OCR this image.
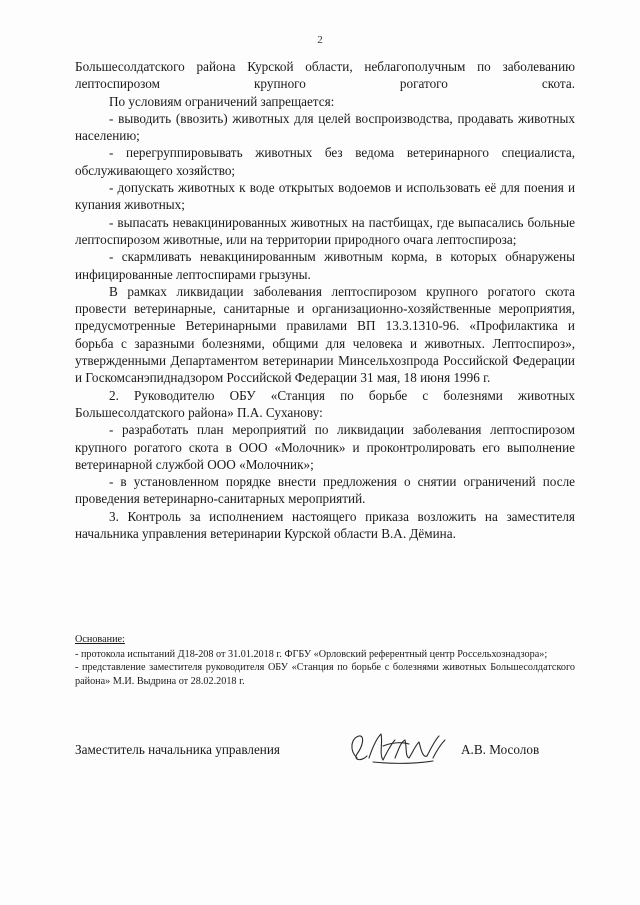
2

Большесолдатского района Курской области, неблагополучным по заболеванию лептоспирозом крупного рогатого скота.

По условиям ограничений запрещается:

- выводить (ввозить) животных для целей воспроизводства, продавать животных населению;

- перегруппировывать животных без ведома ветеринарного специалиста, обслуживающего хозяйство;

- допускать животных к воде открытых водоемов и использовать её для поения и купания животных;

- выпасать невакцинированных животных на пастбищах, где выпасались больные лептоспирозом животные, или на территории природного очага лептоспироза;

- скармливать невакцинированным животным корма, в которых обнаружены инфицированные лептоспирами грызуны.

В рамках ликвидации заболевания лептоспирозом крупного рогатого скота провести ветеринарные, санитарные и организационно-хозяйственные мероприятия, предусмотренные Ветеринарными правилами ВП 13.3.1310-96. «Профилактика и борьба с заразными болезнями, общими для человека и животных. Лептоспироз», утвержденными Департаментом ветеринарии Минсельхозпрода Российской Федерации и Госкомсанэпиднадзором Российской Федерации 31 мая, 18 июня 1996 г.

2. Руководителю ОБУ «Станция по борьбе с болезнями животных Большесолдатского района» П.А. Суханову:

- разработать план мероприятий по ликвидации заболевания лептоспирозом крупного рогатого скота в ООО «Молочник» и проконтролировать его выполнение ветеринарной службой ООО «Молочник»;

- в установленном порядке внести предложения о снятии ограничений после проведения ветеринарно-санитарных мероприятий.

3. Контроль за исполнением настоящего приказа возложить на заместителя начальника управления ветеринарии Курской области В.А. Дёмина.

Основание:

- протокола испытаний Д18-208 от 31.01.2018 г. ФГБУ «Орловский референтный центр Россельхознадзора»;

- представление заместителя руководителя ОБУ «Станция по борьбе с болезнями животных Большесолдатского района» М.И. Выдрина от 28.02.2018 г.

Заместитель начальника управления	А.В. Мосолов
